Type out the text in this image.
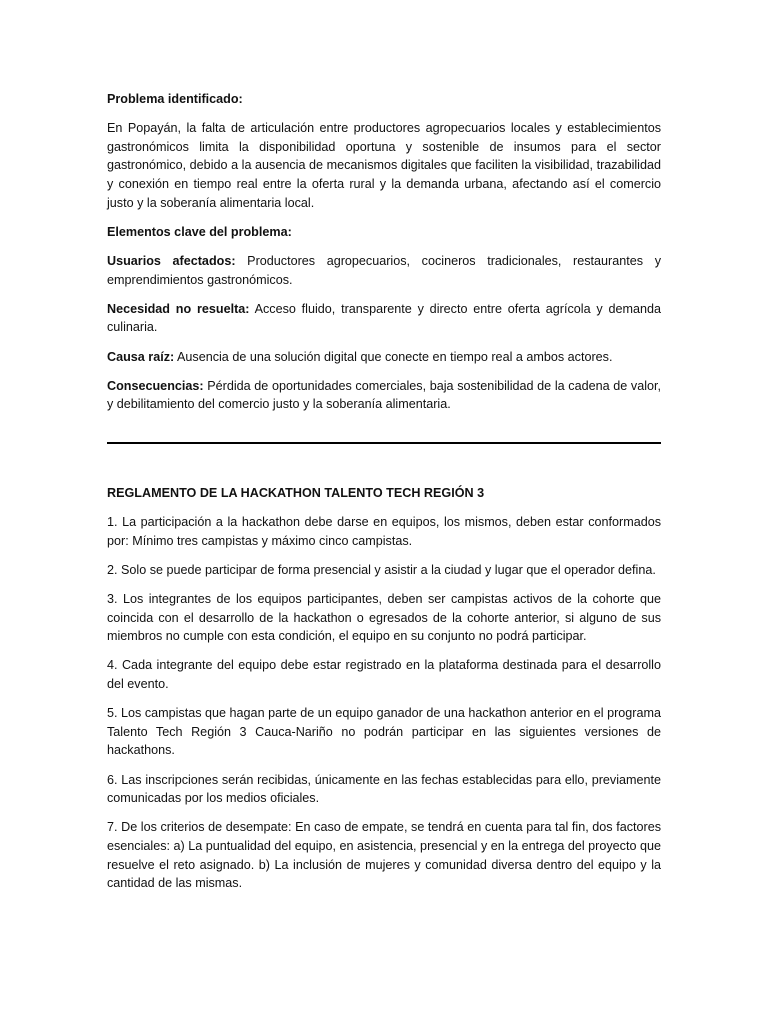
Problema identificado:
En Popayán, la falta de articulación entre productores agropecuarios locales y establecimientos gastronómicos limita la disponibilidad oportuna y sostenible de insumos para el sector gastronómico, debido a la ausencia de mecanismos digitales que faciliten la visibilidad, trazabilidad y conexión en tiempo real entre la oferta rural y la demanda urbana, afectando así el comercio justo y la soberanía alimentaria local.
Elementos clave del problema:
Usuarios afectados: Productores agropecuarios, cocineros tradicionales, restaurantes y emprendimientos gastronómicos.
Necesidad no resuelta: Acceso fluido, transparente y directo entre oferta agrícola y demanda culinaria.
Causa raíz: Ausencia de una solución digital que conecte en tiempo real a ambos actores.
Consecuencias: Pérdida de oportunidades comerciales, baja sostenibilidad de la cadena de valor, y debilitamiento del comercio justo y la soberanía alimentaria.
REGLAMENTO DE LA HACKATHON TALENTO TECH REGIÓN 3
1. La participación a la hackathon debe darse en equipos, los mismos, deben estar conformados por: Mínimo tres campistas y máximo cinco campistas.
2. Solo se puede participar de forma presencial y asistir a la ciudad y lugar que el operador defina.
3. Los integrantes de los equipos participantes, deben ser campistas activos de la cohorte que coincida con el desarrollo de la hackathon o egresados de la cohorte anterior, si alguno de sus miembros no cumple con esta condición, el equipo en su conjunto no podrá participar.
4. Cada integrante del equipo debe estar registrado en la plataforma destinada para el desarrollo del evento.
5. Los campistas que hagan parte de un equipo ganador de una hackathon anterior en el programa Talento Tech Región 3 Cauca-Nariño no podrán participar en las siguientes versiones de hackathons.
6. Las inscripciones serán recibidas, únicamente en las fechas establecidas para ello, previamente comunicadas por los medios oficiales.
7. De los criterios de desempate: En caso de empate, se tendrá en cuenta para tal fin, dos factores esenciales: a) La puntualidad del equipo, en asistencia, presencial y en la entrega del proyecto que resuelve el reto asignado. b) La inclusión de mujeres y comunidad diversa dentro del equipo y la cantidad de las mismas.
